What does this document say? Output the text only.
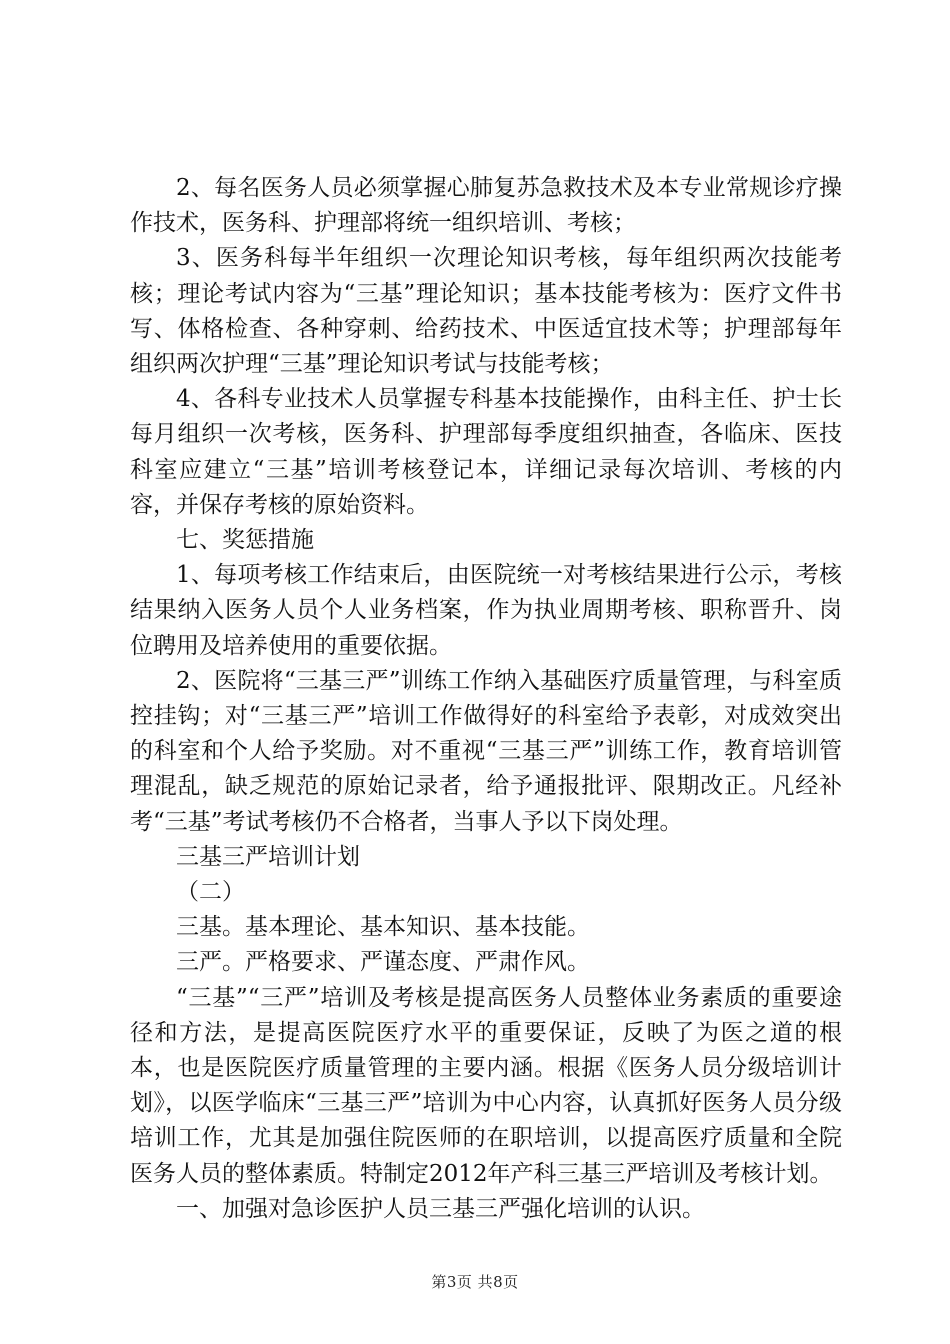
2、每名医务人员必须掌握心肺复苏急救技术及本专业常规诊疗操作技术，医务科、护理部将统一组织培训、考核；

3、医务科每半年组织一次理论知识考核，每年组织两次技能考核；理论考试内容为“三基”理论知识；基本技能考核为：医疗文件书写、体格检查、各种穿刺、给药技术、中医适宜技术等；护理部每年组织两次护理“三基”理论知识考试与技能考核；

4、各科专业技术人员掌握专科基本技能操作，由科主任、护士长每月组织一次考核，医务科、护理部每季度组织抽查，各临床、医技科室应建立“三基”培训考核登记本，详细记录每次培训、考核的内容，并保存考核的原始资料。

七、奖惩措施

1、每项考核工作结束后，由医院统一对考核结果进行公示，考核结果纳入医务人员个人业务档案，作为执业周期考核、职称晋升、岗位聘用及培养使用的重要依据。

2、医院将“三基三严”训练工作纳入基础医疗质量管理，与科室质控挂钩；对“三基三严”培训工作做得好的科室给予表彰，对成效突出的科室和个人给予奖励。对不重视“三基三严”训练工作，教育培训管理混乱，缺乏规范的原始记录者，给予通报批评、限期改正。凡经补考“三基”考试考核仍不合格者，当事人予以下岗处理。

三基三严培训计划

（二）

三基。基本理论、基本知识、基本技能。

三严。严格要求、严谨态度、严肃作风。

“三基”“三严”培训及考核是提高医务人员整体业务素质的重要途径和方法，是提高医院医疗水平的重要保证，反映了为医之道的根本，也是医院医疗质量管理的主要内涵。根据《医务人员分级培训计划》，以医学临床“三基三严”培训为中心内容，认真抓好医务人员分级培训工作，尤其是加强住院医师的在职培训，以提高医疗质量和全院医务人员的整体素质。特制定2012年产科三基三严培训及考核计划。

一、加强对急诊医护人员三基三严强化培训的认识。

第3页 共8页
